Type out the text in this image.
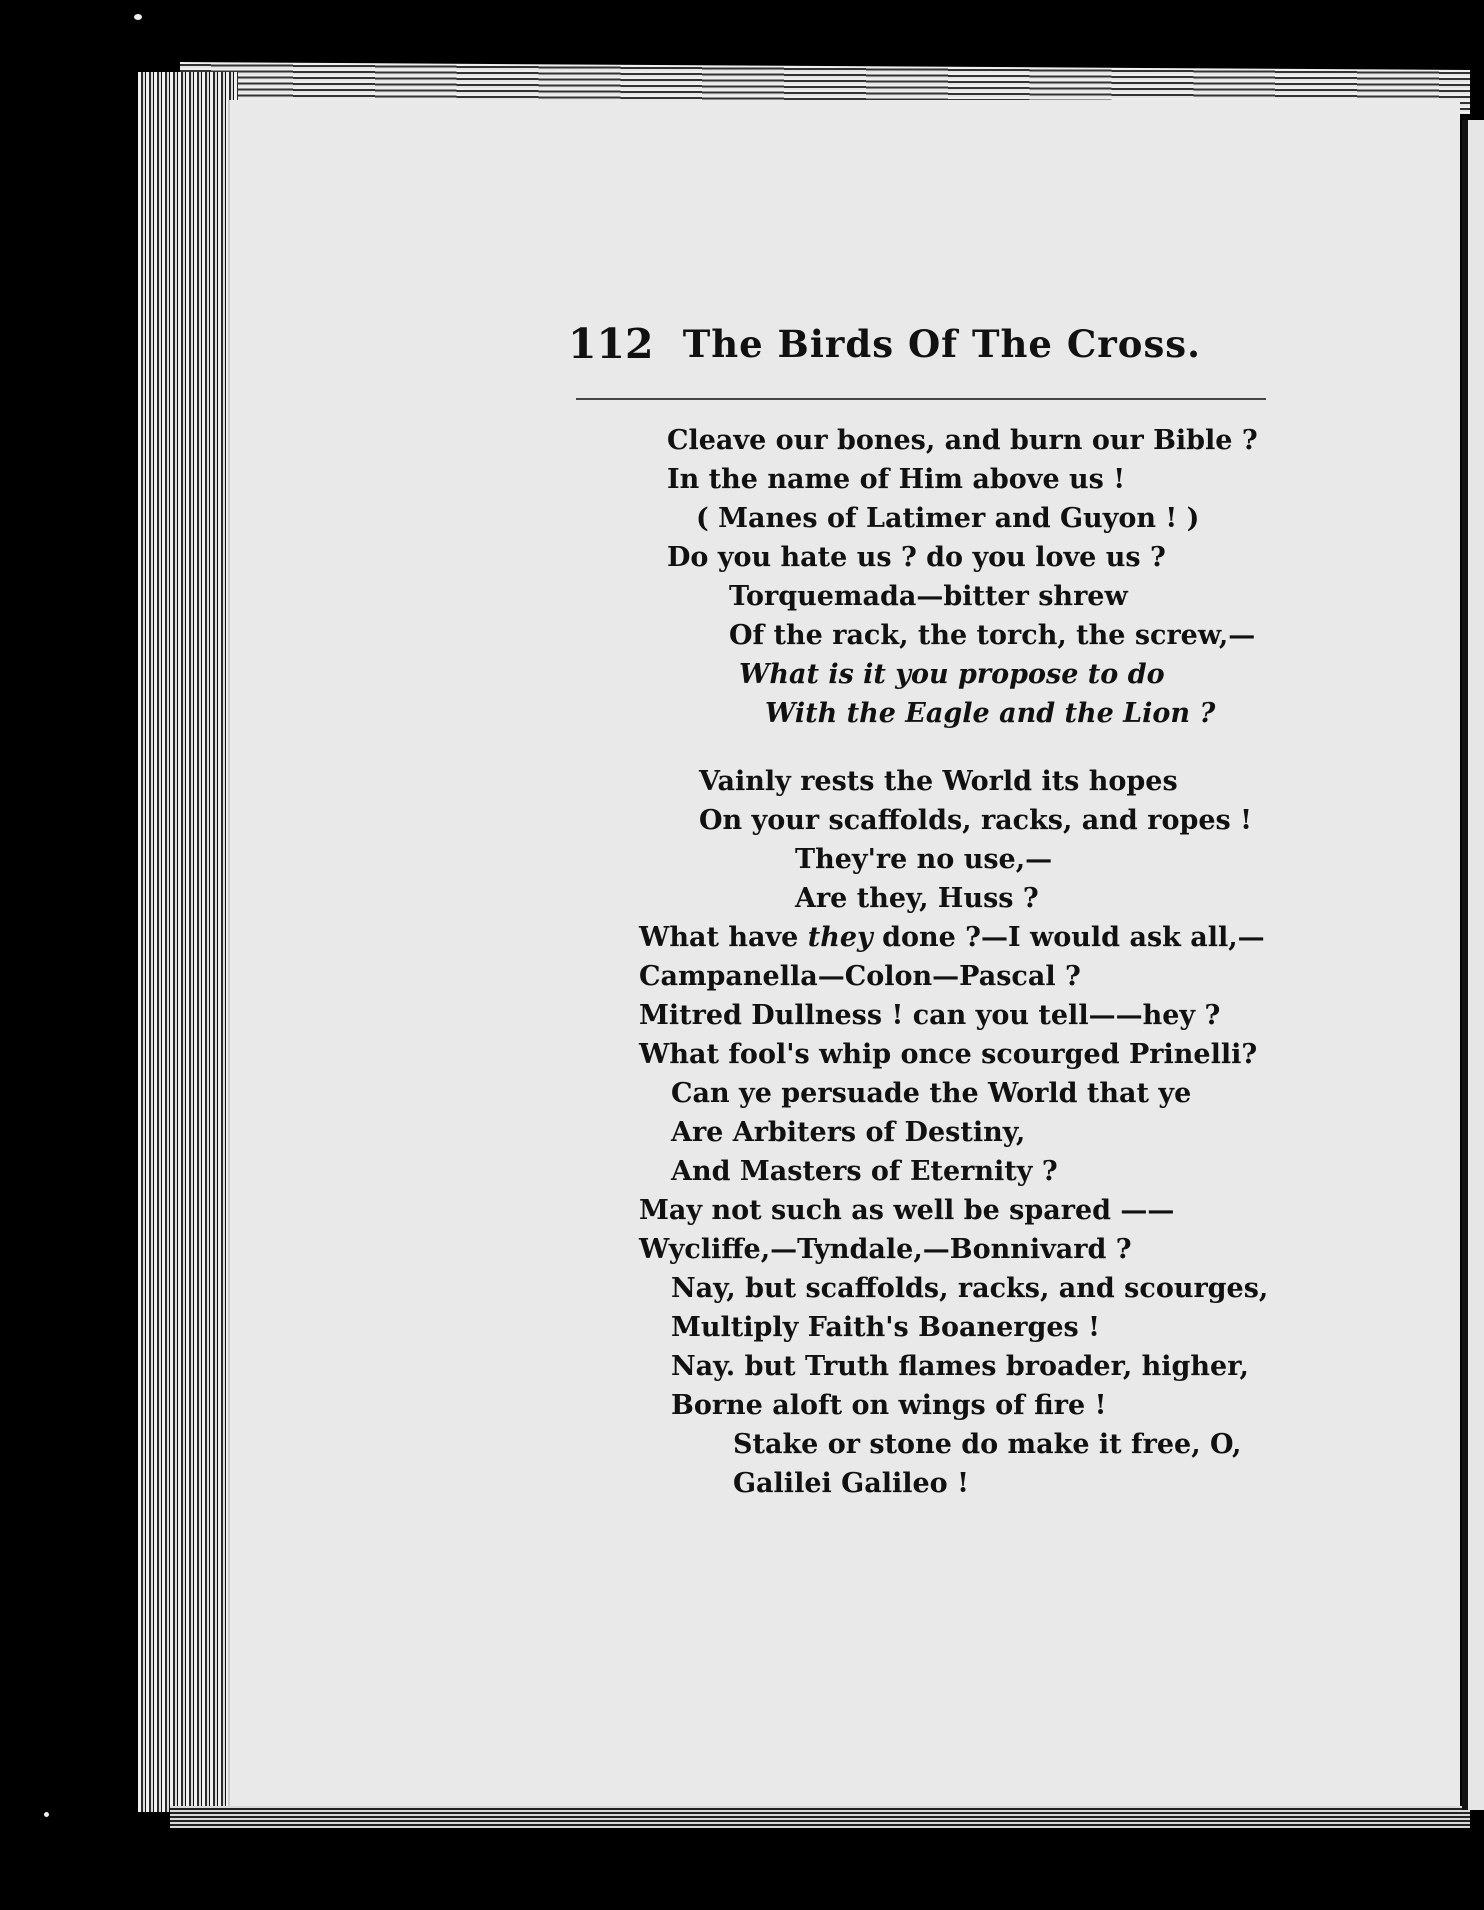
112 The Birds Of The Cross.
Cleave our bones, and burn our Bible ?
In the name of Him above us !
( Manes of Latimer and Guyon ! )
Do you hate us ? do you love us ?
Torquemada—bitter shrew
Of the rack, the torch, the screw,—
What is it you propose to do
With the Eagle and the Lion ?
Vainly rests the World its hopes
On your scaffolds, racks, and ropes !
They're no use,—
Are they, Huss ?
What have they done ?—I would ask all,—
Campanella—Colon—Pascal ?
Mitred Dullness ! can you tell——hey ?
What fool's whip once scourged Prinelli?
Can ye persuade the World that ye
Are Arbiters of Destiny,
And Masters of Eternity ?
May not such as well be spared ——
Wycliffe,—Tyndale,—Bonnivard ?
Nay, but scaffolds, racks, and scourges,
Multiply Faith's Boanerges !
Nay. but Truth flames broader, higher,
Borne aloft on wings of fire !
Stake or stone do make it free, O,
Galilei Galileo !
